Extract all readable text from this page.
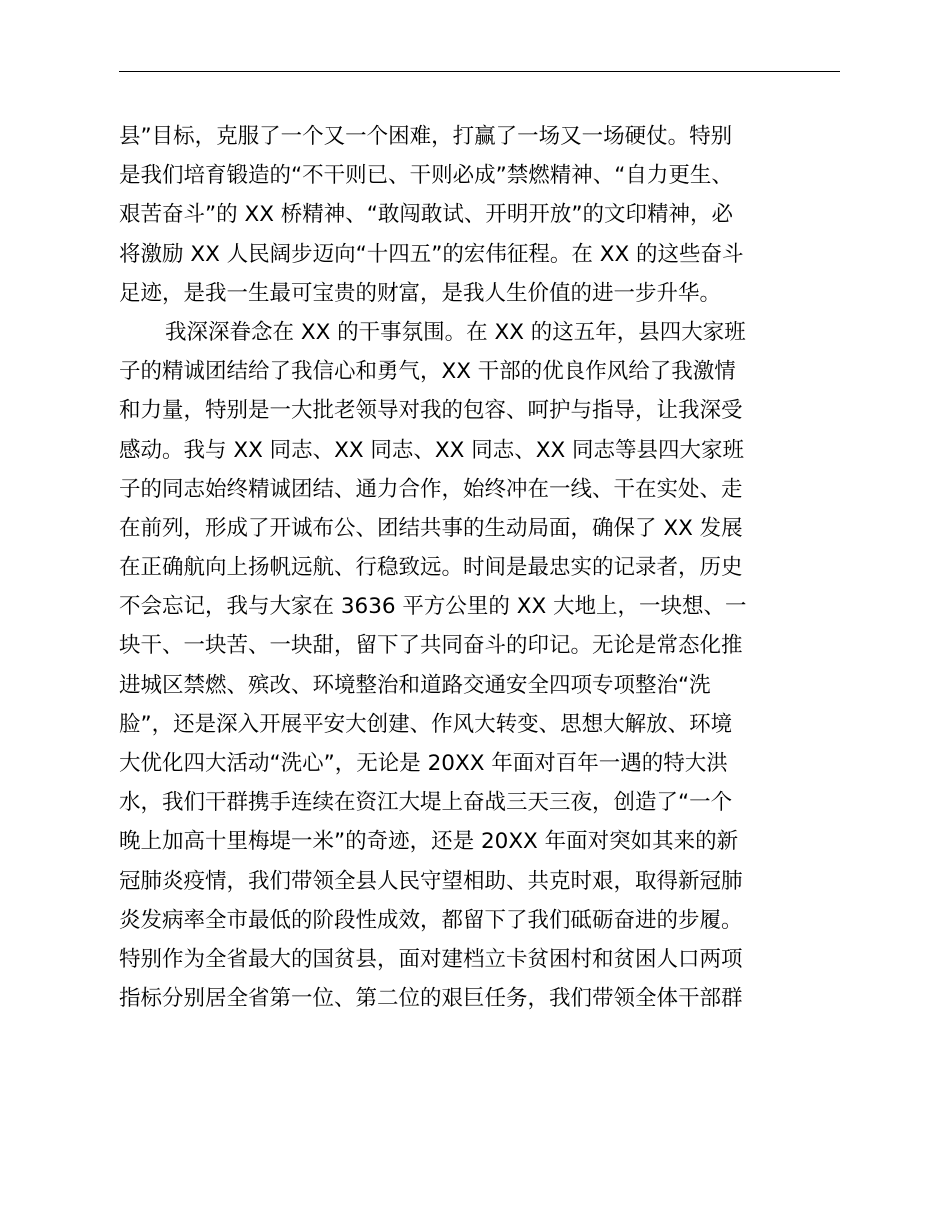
县”目标，克服了一个又一个困难，打赢了一场又一场硬仗。特别
是我们培育锻造的“不干则已、干则必成”禁燃精神、“自力更生、
艰苦奋斗”的 XX 桥精神、“敢闯敢试、开明开放”的文印精神，必
将激励 XX 人民阔步迈向“十四五”的宏伟征程。在 XX 的这些奋斗
足迹，是我一生最可宝贵的财富，是我人生价值的进一步升华。
我深深眷念在 XX 的干事氛围。在 XX 的这五年，县四大家班
子的精诚团结给了我信心和勇气，XX 干部的优良作风给了我激情
和力量，特别是一大批老领导对我的包容、呵护与指导，让我深受
感动。我与 XX 同志、XX 同志、XX 同志、XX 同志等县四大家班
子的同志始终精诚团结、通力合作，始终冲在一线、干在实处、走
在前列，形成了开诚布公、团结共事的生动局面，确保了 XX 发展
在正确航向上扬帆远航、行稳致远。时间是最忠实的记录者，历史
不会忘记，我与大家在 3636 平方公里的 XX 大地上，一块想、一
块干、一块苦、一块甜，留下了共同奋斗的印记。无论是常态化推
进城区禁燃、殡改、环境整治和道路交通安全四项专项整治“洗
脸”，还是深入开展平安大创建、作风大转变、思想大解放、环境
大优化四大活动“洗心”，无论是 20XX 年面对百年一遇的特大洪
水，我们干群携手连续在资江大堤上奋战三天三夜，创造了“一个
晚上加高十里梅堤一米”的奇迹，还是 20XX 年面对突如其来的新
冠肺炎疫情，我们带领全县人民守望相助、共克时艰，取得新冠肺
炎发病率全市最低的阶段性成效，都留下了我们砥砺奋进的步履。
特别作为全省最大的国贫县，面对建档立卡贫困村和贫困人口两项
指标分别居全省第一位、第二位的艰巨任务，我们带领全体干部群
